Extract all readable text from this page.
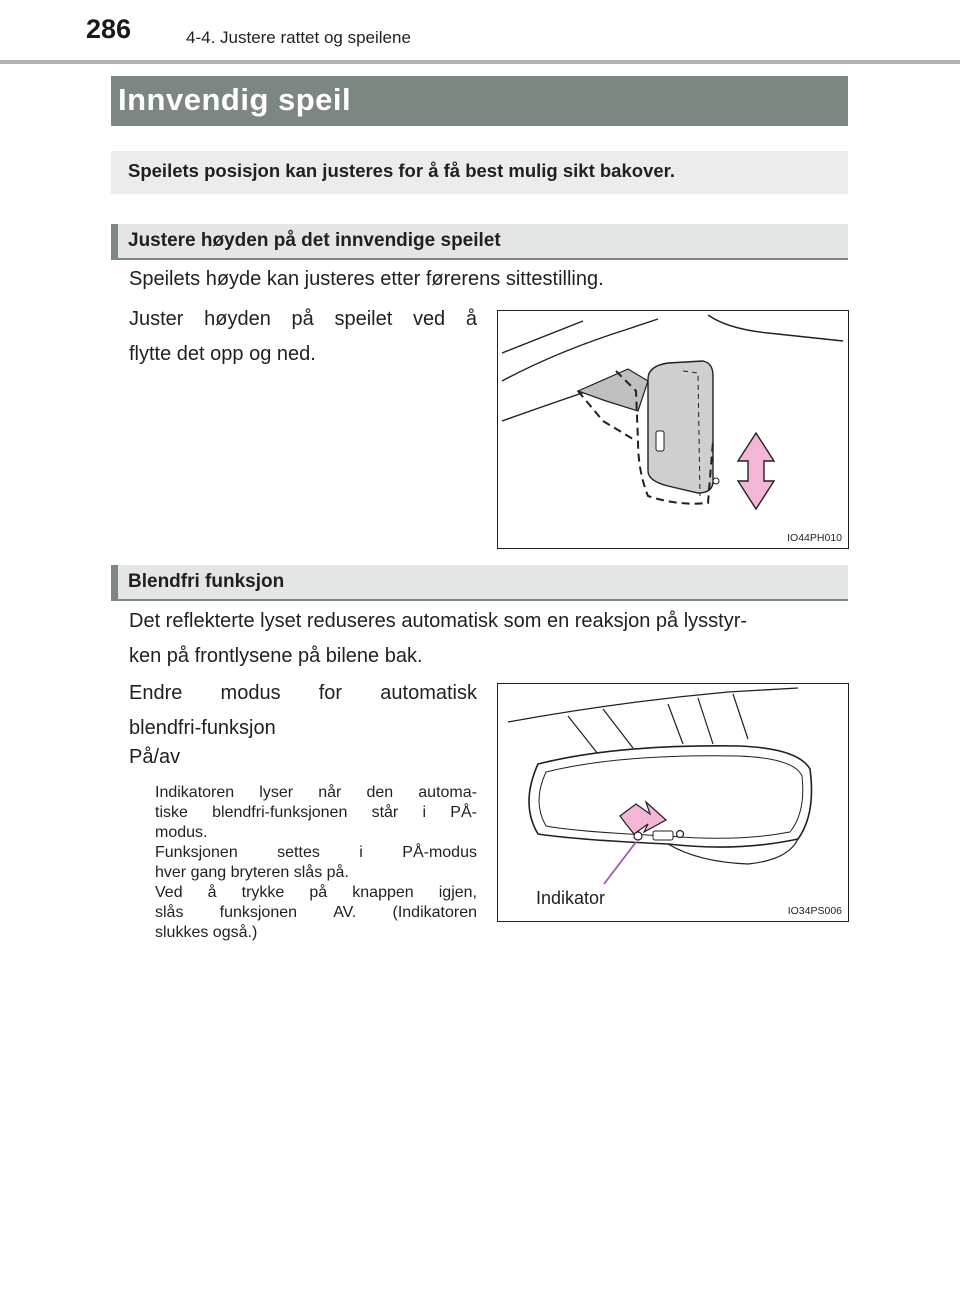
286	4-4. Justere rattet og speilene
Innvendig speil
Speilets posisjon kan justeres for å få best mulig sikt bakover.
Justere høyden på det innvendige speilet
Speilets høyde kan justeres etter førerens sittestilling.
Juster høyden på speilet ved å
flytte det opp og ned.
IO44PH010
Blendfri funksjon
Det reflekterte lyset reduseres automatisk som en reaksjon på lysstyr-
ken på frontlysene på bilene bak.
Endre modus for automatisk
blendfri-funksjon
På/av
Indikatoren lyser når den automa-
tiske blendfri-funksjonen står i PÅ-
modus.
Funksjonen settes i PÅ-modus
hver gang bryteren slås på.
Ved å trykke på knappen igjen,
slås funksjonen AV. (Indikatoren
slukkes også.)
Indikator
IO34PS006
